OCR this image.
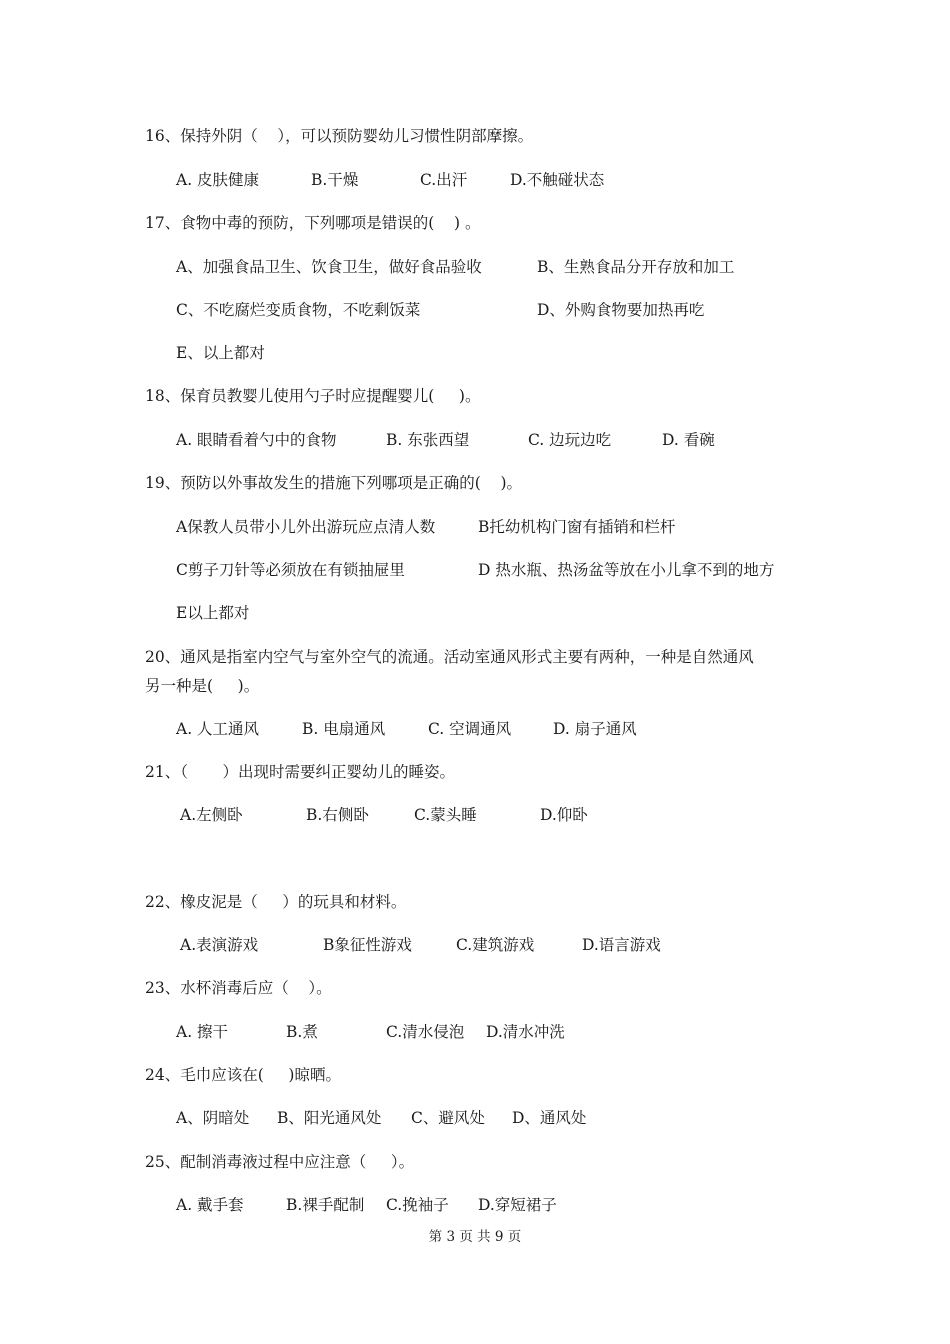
16、保持外阴（    ），可以预防婴幼儿习惯性阴部摩擦。
A. 皮肤健康	B.干燥	C.出汗	D.不触碰状态
17、食物中毒的预防，下列哪项是错误的(    ) 。
A、加强食品卫生、饮食卫生，做好食品验收	B、生熟食品分开存放和加工
C、不吃腐烂变质食物，不吃剩饭菜	D、外购食物要加热再吃
E、以上都对
18、保育员教婴儿使用勺子时应提醒婴儿(     )。
A. 眼睛看着勺中的食物	B. 东张西望	C. 边玩边吃	D. 看碗
19、预防以外事故发生的措施下列哪项是正确的(    )。
A保教人员带小儿外出游玩应点清人数	B托幼机构门窗有插销和栏杆
C剪子刀针等必须放在有锁抽屉里	D 热水瓶、热汤盆等放在小儿拿不到的地方
E以上都对
20、通风是指室内空气与室外空气的流通。活动室通风形式主要有两种，一种是自然通风
另一种是(     )。
A. 人工通风	B. 电扇通风	C. 空调通风	D. 扇子通风
21、（       ）出现时需要纠正婴幼儿的睡姿。
A.左侧卧	B.右侧卧	C.蒙头睡	D.仰卧
22、橡皮泥是（     ）的玩具和材料。
A.表演游戏	B象征性游戏	C.建筑游戏	D.语言游戏
23、水杯消毒后应（    ）。
A. 擦干	B.煮	C.清水侵泡 D.清水冲洗
24、毛巾应该在(     )晾晒。
A、阴暗处 B、阳光通风处 C、避风处 D、通风处
25、配制消毒液过程中应注意（     ）。
A. 戴手套	B.裸手配制 C.挽袖子 D.穿短裙子
第 3 页 共 9 页
